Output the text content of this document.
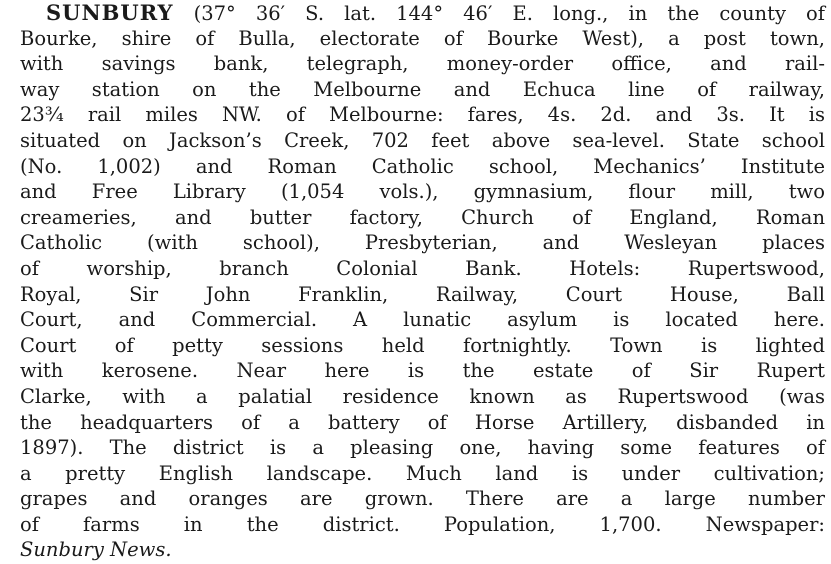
SUNBURY (37° 36′ S. lat. 144° 46′ E. long., in the county of
Bourke, shire of Bulla, electorate of Bourke West), a post town,
with savings bank, telegraph, money-order office, and rail-
way station on the Melbourne and Echuca line of railway,
23¾ rail miles NW. of Melbourne: fares, 4s. 2d. and 3s. It is
situated on Jackson’s Creek, 702 feet above sea-level. State school
(No. 1,002) and Roman Catholic school, Mechanics’ Institute
and Free Library (1,054 vols.), gymnasium, flour mill, two
creameries, and butter factory, Church of England, Roman
Catholic (with school), Presbyterian, and Wesleyan places
of worship, branch Colonial Bank. Hotels: Rupertswood,
Royal, Sir John Franklin, Railway, Court House, Ball
Court, and Commercial. A lunatic asylum is located here.
Court of petty sessions held fortnightly. Town is lighted
with kerosene. Near here is the estate of Sir Rupert
Clarke, with a palatial residence known as Rupertswood (was
the headquarters of a battery of Horse Artillery, disbanded in
1897). The district is a pleasing one, having some features of
a pretty English landscape. Much land is under cultivation;
grapes and oranges are grown. There are a large number
of farms in the district. Population, 1,700. Newspaper:
Sunbury News.
